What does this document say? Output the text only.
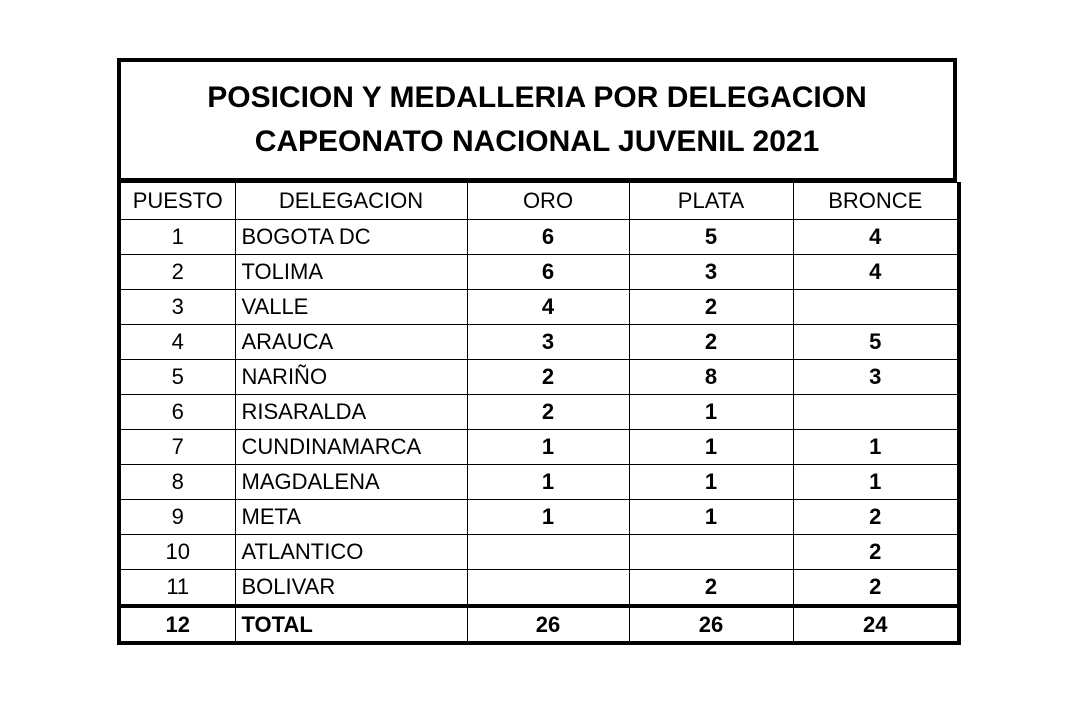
POSICION Y MEDALLERIA POR DELEGACION
CAPEONATO NACIONAL JUVENIL 2021
PUESTO	DELEGACION	ORO	PLATA	BRONCE
1	BOGOTA DC	6	5	4
2	TOLIMA	6	3	4
3	VALLE	4	2	
4	ARAUCA	3	2	5
5	NARIÑO	2	8	3
6	RISARALDA	2	1	
7	CUNDINAMARCA	1	1	1
8	MAGDALENA	1	1	1
9	META	1	1	2
10	ATLANTICO			2
11	BOLIVAR		2	2
12	TOTAL	26	26	24
